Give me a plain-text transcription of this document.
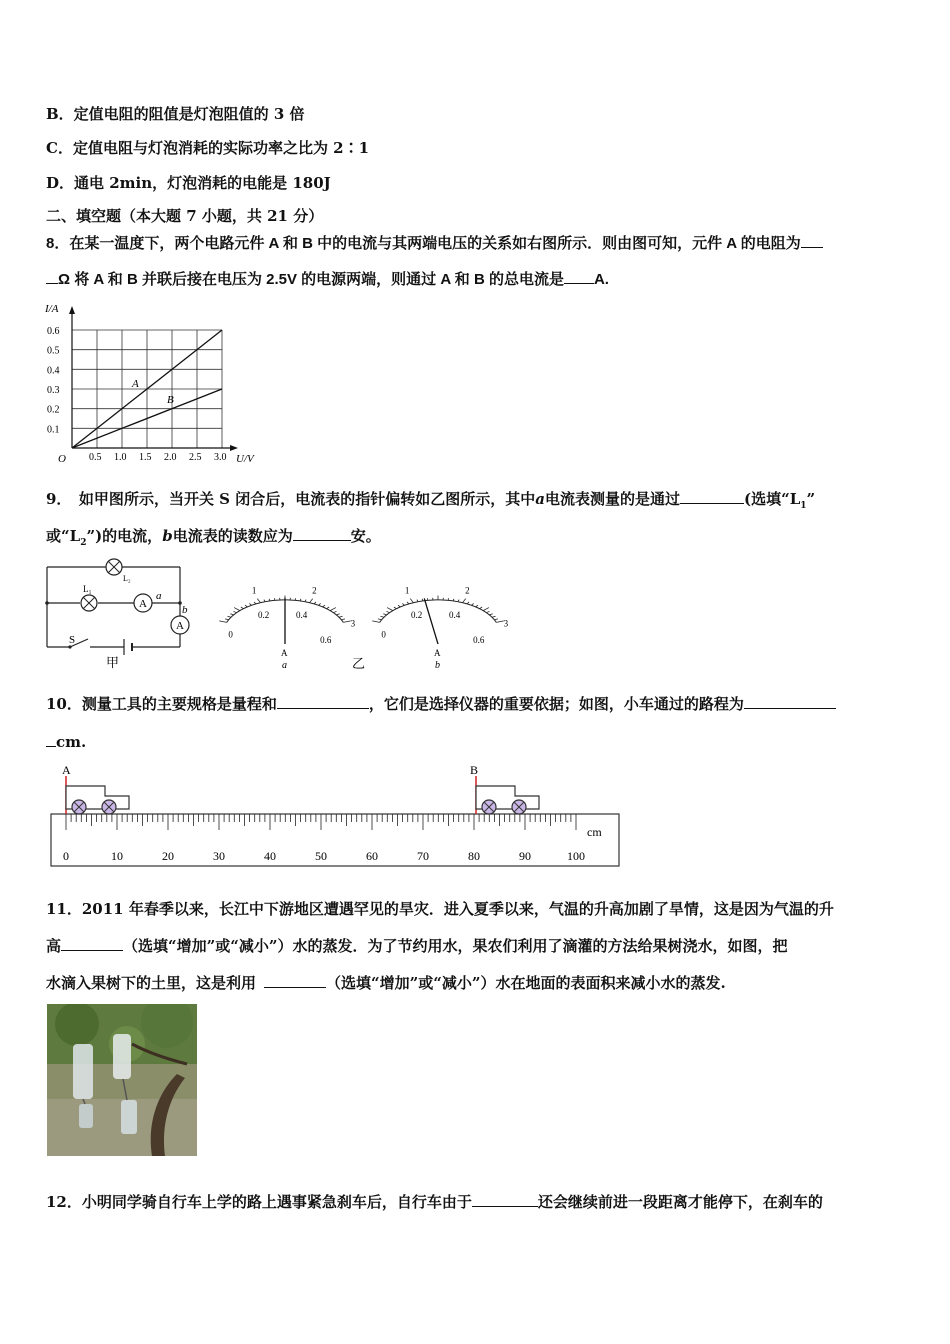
B．定值电阻的阻值是灯泡阻值的 3 倍
C．定值电阻与灯泡消耗的实际功率之比为 2∶1
D．通电 2min，灯泡消耗的电能是 180J
二、填空题（本大题 7 小题，共 21 分）
8．在某一温度下，两个电路元件 A 和 B 中的电流与其两端电压的关系如右图所示．则由图可知，元件 A 的电阻为
Ω 将 A 和 B 并联后接在电压为 2.5V 的电源两端，则通过 A 和 B 的总电流是 A.
0.5 1.0 1.5 2.0 2.5 3.0
0.1
0.2
0.3
0.4
0.5
0.6
A
B
I/A
U/V
O
9．　如甲图所示，当开关 S 闭合后，电流表的指针偏转如乙图所示，其中a电流表测量的是通过	(选填“$L_1$”
或“$L_2$”)的电流，b电流表的读数应为	安。
A
A
L₂
L₁
a
b
S
甲
0
1	2
3
0.2	0.4
0.6
A
a
0
1	2
3
0.2	0.4
0.6
A
b
乙
10．测量工具的主要规格是量程和	，它们是选择仪器的重要依据；如图，小车通过的路程为
cm.
0	10	20	30	40	50	60	70	80	90	100
cm
A	B
11．2011 年春季以来，长江中下游地区遭遇罕见的旱灾．进入夏季以来，气温的升高加剧了旱情，这是因为气温的升
高	（选填“增加”或“减小”）水的蒸发．为了节约用水，果农们利用了滴灌的方法给果树浇水，如图，把
水滴入果树下的土里，这是利用	（选填“增加”或“减小”）水在地面的表面积来减小水的蒸发.
12．小明同学骑自行车上学的路上遇事紧急刹车后，自行车由于	还会继续前进一段距离才能停下，在刹车的
